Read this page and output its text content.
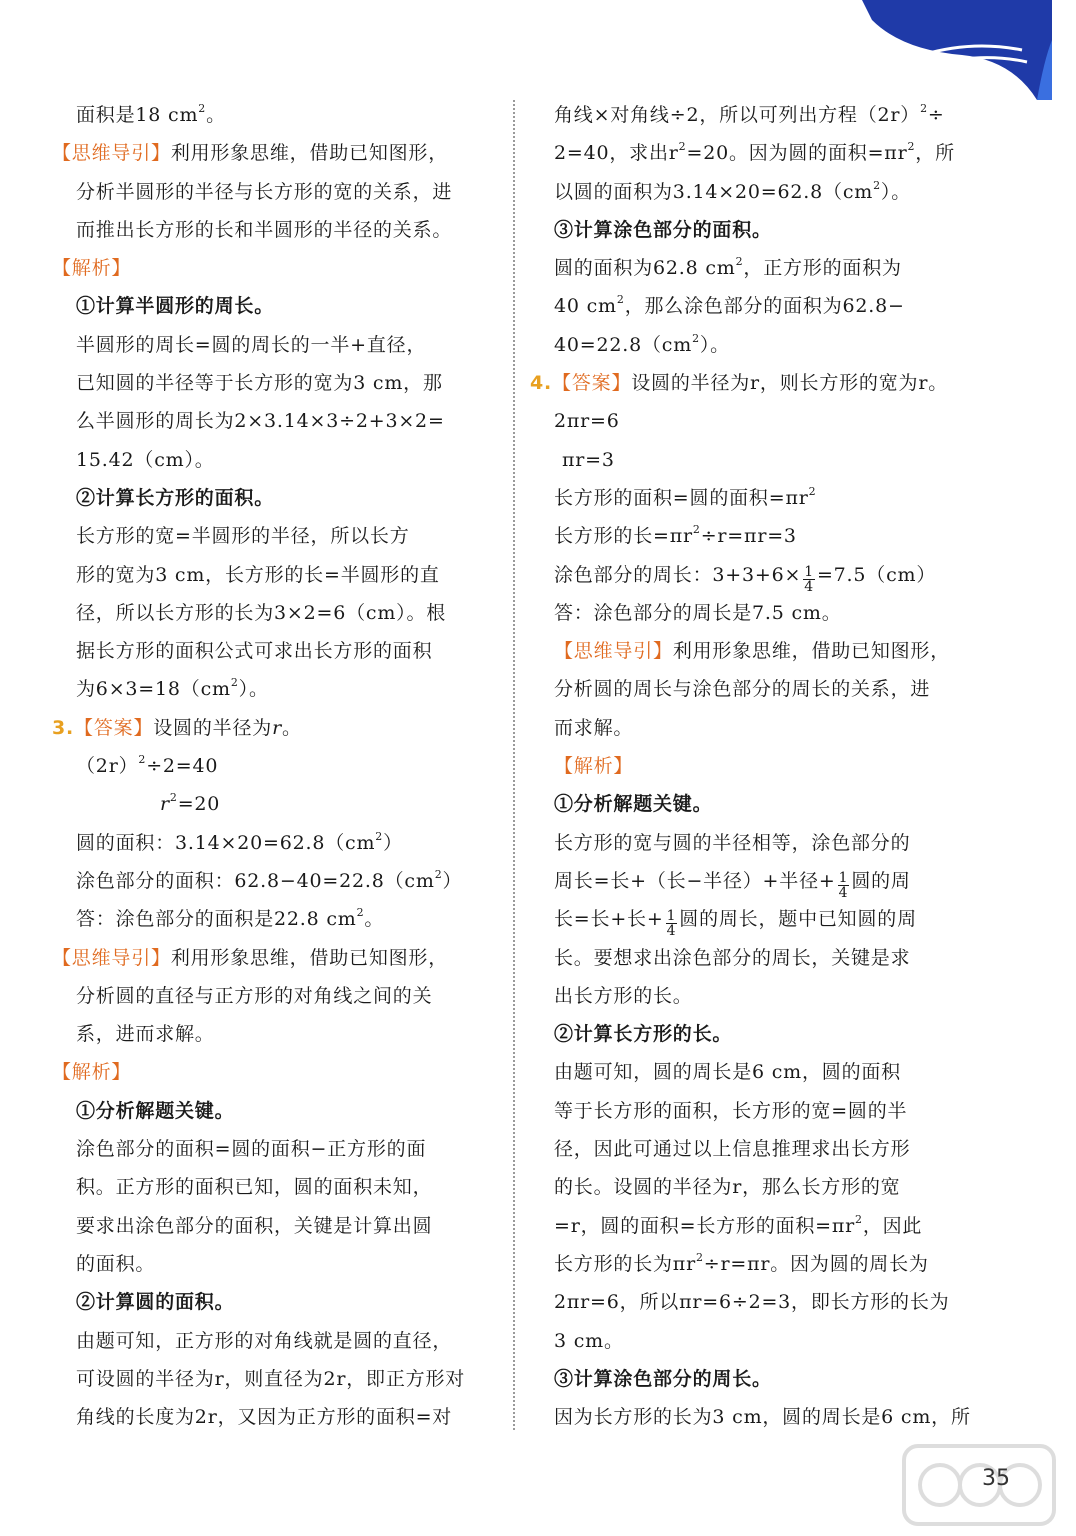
面积是18 $cm^2$。
【思维导引】利用形象思维，借助已知图形，
分析半圆形的半径与长方形的宽的关系，进
而推出长方形的长和半圆形的半径的关系。
【解析】
①计算半圆形的周长。
半圆形的周长=圆的周长的一半+直径，
已知圆的半径等于长方形的宽为3 cm，那
么半圆形的周长为2×3.14×3÷2+3×2=
15.42（cm）。
②计算长方形的面积。
长方形的宽=半圆形的半径，所以长方
形的宽为3 cm，长方形的长=半圆形的直
径，所以长方形的长为3×2=6（cm）。根
据长方形的面积公式可求出长方形的面积
为$6\times 3=18(cm^2)$。
3.【答案】设圆的半径为r。
$(2r)^2\div 2=40$
$r^2=20$
圆的面积：$3.14\times 20=62.8(cm^2)$
涂色部分的面积：$62.8-40=22.8(cm^2)$
答：涂色部分的面积是22.8 $cm^2$。
【思维导引】利用形象思维，借助已知图形，
分析圆的直径与正方形的对角线之间的关
系，进而求解。
【解析】
①分析解题关键。
涂色部分的面积=圆的面积−正方形的面
积。正方形的面积已知，圆的面积未知，
要求出涂色部分的面积，关键是计算出圆
的面积。
②计算圆的面积。
由题可知，正方形的对角线就是圆的直径，
可设圆的半径为r，则直径为2r，即正方形对
角线的长度为2r，又因为正方形的面积=对
角线×对角线÷2，所以可列出方程$(2r)^2\div$
2=40，求出$r^2=20$。因为圆的面积$=\pi r^2$，所
以圆的面积为$3.14\times 20=62.8(cm^2)$。
③计算涂色部分的面积。
圆的面积为62.8 $cm^2$，正方形的面积为
40 $cm^2$，那么涂色部分的面积为62.8−
$40=22.8(cm^2)$。
4.【答案】设圆的半径为r，则长方形的宽为r。
2πr=6
πr=3
长方形的面积=圆的面积$=\pi r^2$
长方形的长$=\pi r^2\div r=\pi r=3$
涂色部分的周长：$3+3+6\times \frac{1}{4} =7.5(cm)$
答：涂色部分的周长是7.5 cm。
【思维导引】利用形象思维，借助已知图形，
分析圆的周长与涂色部分的周长的关系，进
而求解。
【解析】
①分析解题关键。
长方形的宽与圆的半径相等，涂色部分的
周长=长+（长−半径）+半径+ $\frac{1}{4}$ 圆的周
长=长+长+ $\frac{1}{4}$ 圆的周长，题中已知圆的周
长。要想求出涂色部分的周长，关键是求
出长方形的长。
②计算长方形的长。
由题可知，圆的周长是6 cm，圆的面积
等于长方形的面积，长方形的宽=圆的半
径，因此可通过以上信息推理求出长方形
的长。设圆的半径为r，那么长方形的宽
=r，圆的面积=长方形的面积$=\pi r^2$，因此
长方形的长为$\pi r^2\div r=\pi r$。因为圆的周长为
2πr=6，所以πr=6÷2=3，即长方形的长为
3 cm。
③计算涂色部分的周长。
因为长方形的长为3 cm，圆的周长是6 cm，所
35
